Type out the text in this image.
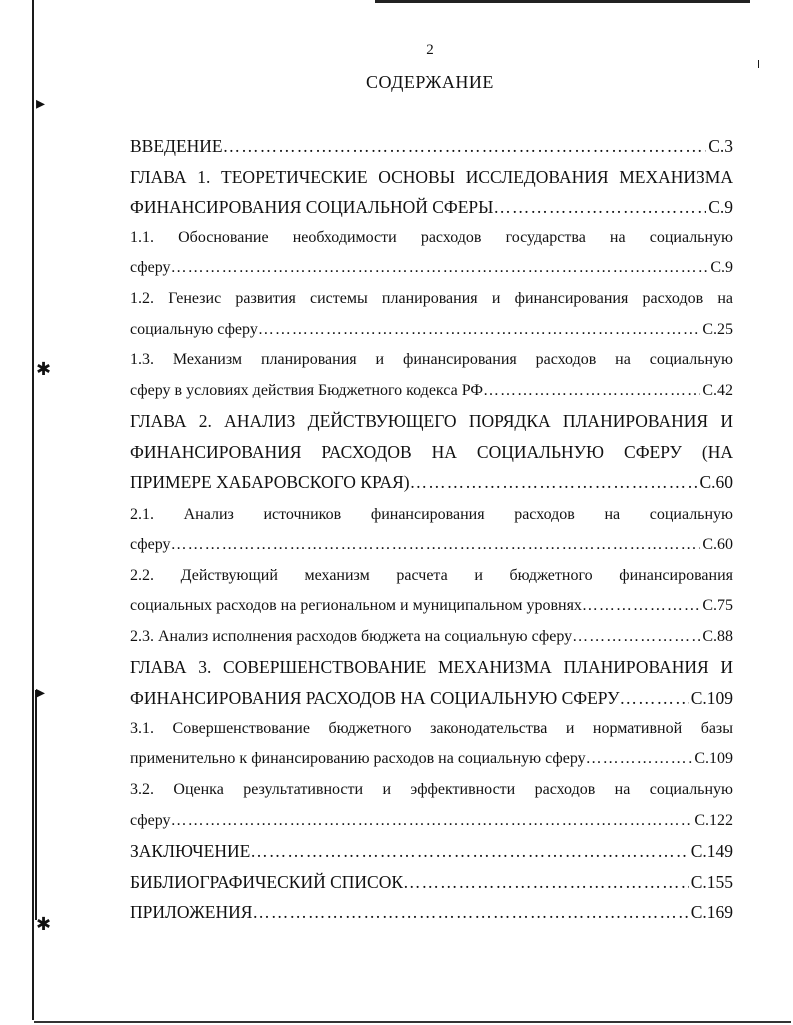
▸
✱
▸
✱
2
СОДЕРЖАНИЕ
ВВЕДЕНИЕ ………………………………………………………………………………………………………………………………………………………………………………	С.3
ГЛАВА 1. ТЕОРЕТИЧЕСКИЕ ОСНОВЫ ИССЛЕДОВАНИЯ МЕХАНИЗМА
ФИНАНСИРОВАНИЯ СОЦИАЛЬНОЙ СФЕРЫ ………………………………………………………………………………………………………………………………………………………………………………	С.9
1.1. Обоснование необходимости расходов государства на социальную
сферу ………………………………………………………………………………………………………………………………………………………………………………	С.9
1.2. Генезис развития системы планирования и финансирования расходов на
социальную сферу ………………………………………………………………………………………………………………………………………………………………………………	С.25
1.3. Механизм планирования и финансирования расходов на социальную
сферу в условиях действия Бюджетного кодекса РФ ………………………………………………………………………………………………………………………………………………………………………………	С.42
ГЛАВА 2. АНАЛИЗ ДЕЙСТВУЮЩЕГО ПОРЯДКА ПЛАНИРОВАНИЯ И
ФИНАНСИРОВАНИЯ РАСХОДОВ НА СОЦИАЛЬНУЮ СФЕРУ (НА
ПРИМЕРЕ ХАБАРОВСКОГО КРАЯ) ………………………………………………………………………………………………………………………………………………………………………………	С.60
2.1. Анализ источников финансирования расходов на социальную
сферу ………………………………………………………………………………………………………………………………………………………………………………	С.60
2.2. Действующий механизм расчета и бюджетного финансирования
социальных расходов на региональном и муниципальном уровнях ………………………………………………………………………………………………………………………………………………………………………………	С.75
2.3. Анализ исполнения расходов бюджета на социальную сферу ………………………………………………………………………………………………………………………………………………………………………………	С.88
ГЛАВА 3. СОВЕРШЕНСТВОВАНИЕ МЕХАНИЗМА ПЛАНИРОВАНИЯ И
ФИНАНСИРОВАНИЯ РАСХОДОВ НА СОЦИАЛЬНУЮ СФЕРУ ………………………………………………………………………………………………………………………………………………………………………………	С.109
3.1. Совершенствование бюджетного законодательства и нормативной базы
применительно к финансированию расходов на социальную сферу ………………………………………………………………………………………………………………………………………………………………………………	С.109
3.2. Оценка результативности и эффективности расходов на социальную
сферу ………………………………………………………………………………………………………………………………………………………………………………	С.122
ЗАКЛЮЧЕНИЕ ………………………………………………………………………………………………………………………………………………………………………………	С.149
БИБЛИОГРАФИЧЕСКИЙ СПИСОК ………………………………………………………………………………………………………………………………………………………………………………	С.155
ПРИЛОЖЕНИЯ ………………………………………………………………………………………………………………………………………………………………………………	С.169
